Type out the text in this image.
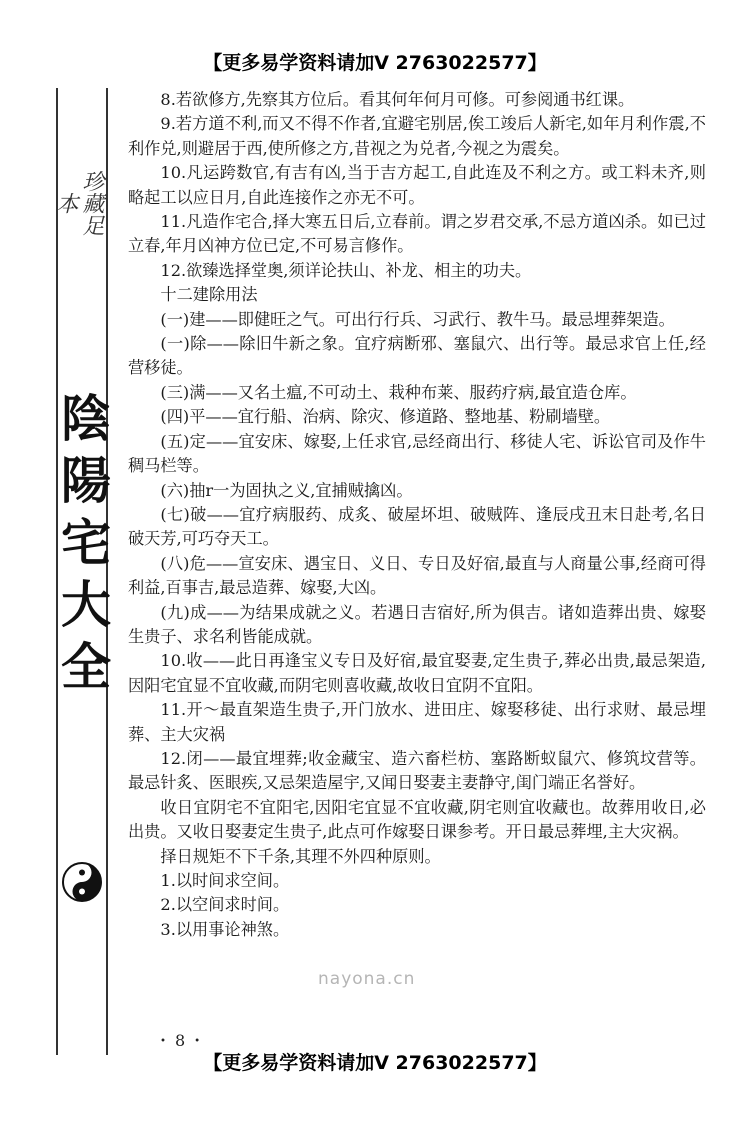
【更多易学资料请加V 2763022577】
珍藏足本
陰陽宅大全

8.若欲修方,先察其方位后。看其何年何月可修。可参阅通书红课。

9.若方道不利,而又不得不作者,宜避宅别居,俟工竣后人新宅,如年月利作震,不利作兑,则避居于西,使所修之方,昔视之为兑者,今视之为震矣。

10.凡运跨数官,有吉有凶,当于吉方起工,自此连及不利之方。或工料未齐,则略起工以应日月,自此连接作之亦无不可。

11.凡造作宅合,择大寒五日后,立春前。谓之岁君交承,不忌方道凶杀。如已过立春,年月凶神方位已定,不可易言修作。

12.欲臻选择堂奥,须详论扶山、补龙、相主的功夫。

十二建除用法

(一)建——即健旺之气。可出行行兵、习武行、教牛马。最忌埋葬架造。

(一)除——除旧牛新之象。宜疗病断邪、塞鼠穴、出行等。最忌求官上任,经营移徒。

(三)满——又名土瘟,不可动土、栽种布莱、服药疗病,最宜造仓库。

(四)平——宜行船、治病、除灾、修道路、整地基、粉刷墙壁。

(五)定——宜安床、嫁娶,上任求官,忌经商出行、移徒人宅、诉讼官司及作牛稠马栏等。

(六)抽r一为固执之义,宜捕贼擒凶。

(七)破——宜疗病服药、成炙、破屋坏坦、破贼阵、逢辰戌丑末日赴考,名日破天芳,可巧夺天工。

(八)危——宣安床、遇宝日、义日、专日及好宿,最直与人商量公事,经商可得利益,百事吉,最忌造葬、嫁娶,大凶。

(九)成——为结果成就之义。若遇日吉宿好,所为俱吉。诸如造葬出贵、嫁娶生贵子、求名利皆能成就。

10.收——此日再逢宝义专日及好宿,最宜娶妻,定生贵子,葬必出贵,最忌架造,因阳宅宜显不宜收藏,而阴宅则喜收藏,故收日宜阴不宜阳。

11.开～最直架造生贵子,开门放水、进田庄、嫁娶移徒、出行求财、最忌埋葬、主大灾祸

12.闭——最宜埋葬;收金藏宝、造六畜栏枋、塞路断蚁鼠穴、修筑坟营等。最忌针炙、医眼疾,又忌架造屋宇,又闻日娶妻主妻静守,闺门端正名誉好。

收日宜阴宅不宜阳宅,因阳宅宜显不宜收藏,阴宅则宜收藏也。故葬用收日,必出贵。又收日娶妻定生贵子,此点可作嫁娶日课参考。开日最忌葬埋,主大灾祸。

择日规矩不下千条,其理不外四种原则。

1.以时间求空间。

2.以空间求时间。

3.以用事论神煞。

nayona.cn
・8・
【更多易学资料请加V 2763022577】
